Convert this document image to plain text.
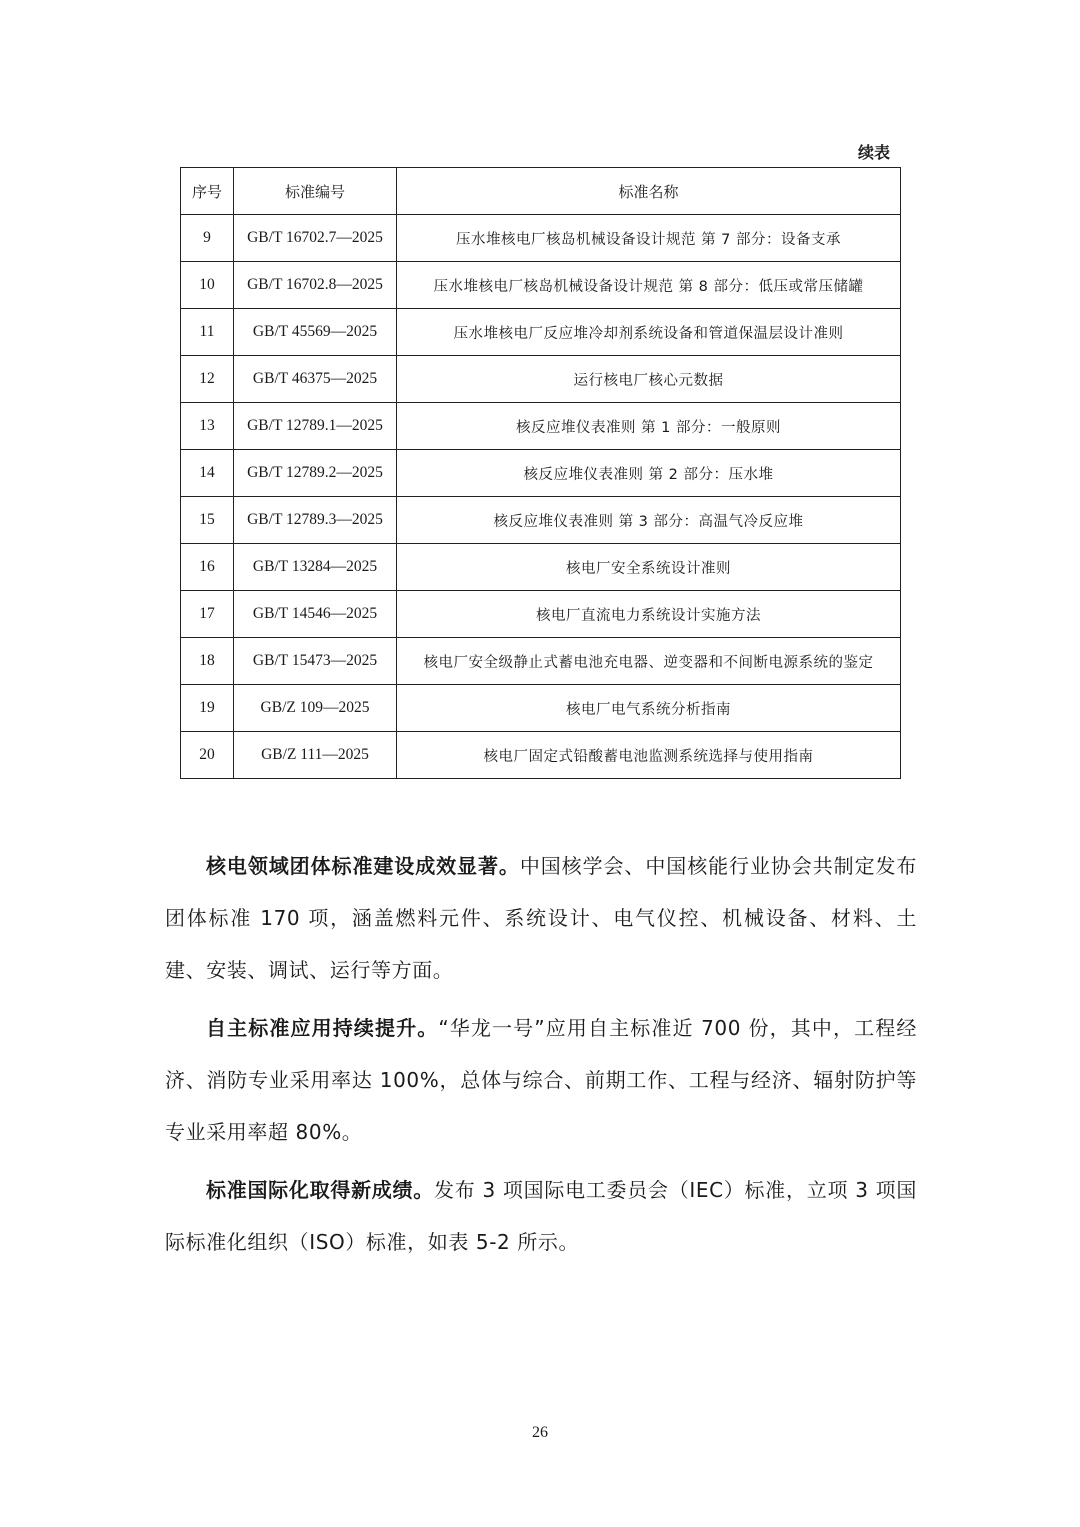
续表
序号	标准编号	标准名称
9	GB/T 16702.7—2025	压水堆核电厂核岛机械设备设计规范 第 7 部分：设备支承
10	GB/T 16702.8—2025	压水堆核电厂核岛机械设备设计规范 第 8 部分：低压或常压储罐
11	GB/T 45569—2025	压水堆核电厂反应堆冷却剂系统设备和管道保温层设计准则
12	GB/T 46375—2025	运行核电厂核心元数据
13	GB/T 12789.1—2025	核反应堆仪表准则 第 1 部分：一般原则
14	GB/T 12789.2—2025	核反应堆仪表准则 第 2 部分：压水堆
15	GB/T 12789.3—2025	核反应堆仪表准则 第 3 部分：高温气冷反应堆
16	GB/T 13284—2025	核电厂安全系统设计准则
17	GB/T 14546—2025	核电厂直流电力系统设计实施方法
18	GB/T 15473—2025	核电厂安全级静止式蓄电池充电器、逆变器和不间断电源系统的鉴定
19	GB/Z 109—2025	核电厂电气系统分析指南
20	GB/Z 111—2025	核电厂固定式铅酸蓄电池监测系统选择与使用指南

核电领域团体标准建设成效显著。中国核学会、中国核能行业协会共制定发布团体标准 170 项，涵盖燃料元件、系统设计、电气仪控、机械设备、材料、土建、安装、调试、运行等方面。

自主标准应用持续提升。“华龙一号”应用自主标准近 700 份，其中，工程经济、消防专业采用率达 100%，总体与综合、前期工作、工程与经济、辐射防护等专业采用率超 80%。

标准国际化取得新成绩。发布 3 项国际电工委员会（IEC）标准，立项 3 项国际标准化组织（ISO）标准，如表 5-2 所示。

26
